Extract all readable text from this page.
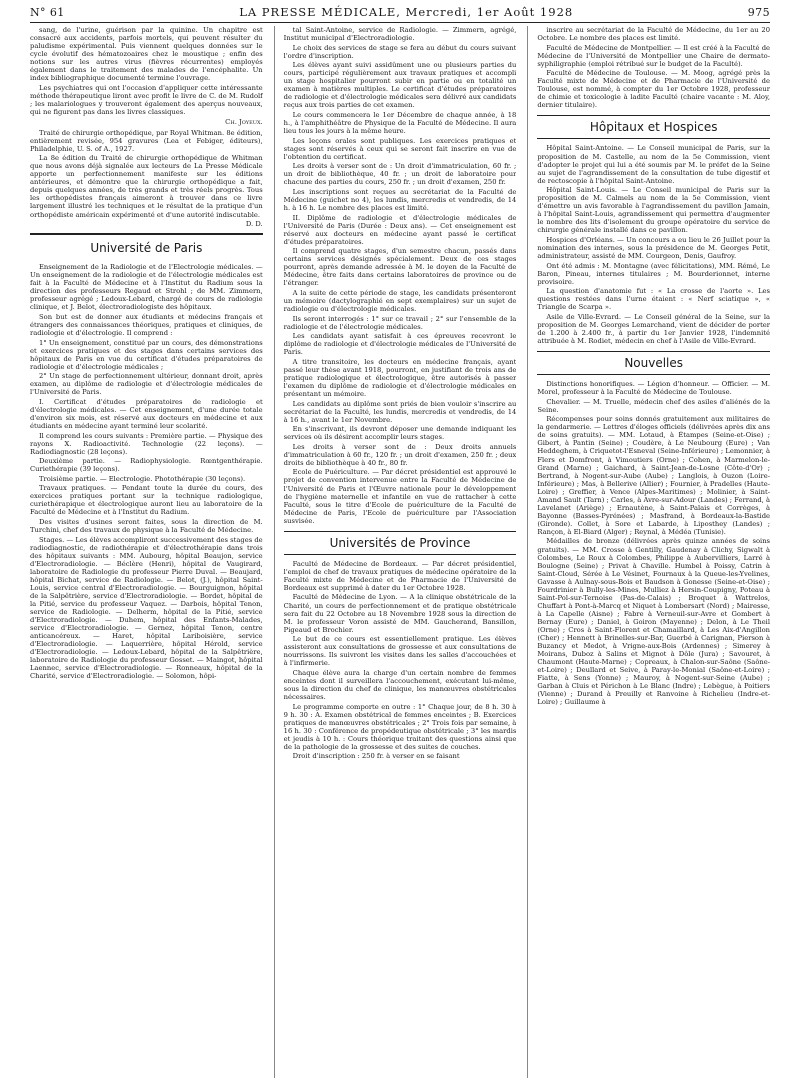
N° 61	LA PRESSE MÉDICALE, Mercredi, 1er Août 1928	975

sang, de l'urine, guérison par la quinine. Un chapitre est consacré aux accidents, parfois mortels, qui peuvent résulter du paludisme expérimental. Puis viennent quelques données sur le cycle évolutif des hématozoaires chez le moustique ; enfin des notions sur les autres virus (fièvres récurrentes) employés également dans le traitement des malades de l'encéphalite. Un index bibliographique documenté termine l'ouvrage.

Les psychiatres qui ont l'occasion d'appliquer cette intéressante méthode thérapeutique liront avec profit le livre de C. de M. Rudolf ; les malariologues y trouveront également des aperçus nouveaux, qui ne figurent pas dans les livres classiques.

Ch. Joyeux.

Traité de chirurgie orthopédique, par Royal Whitman. 8e édition, entièrement revisée, 954 gravures (Lea et Febiger, éditeurs), Philadelphie, U. S. of A., 1927.

La 8e édition du Traité de chirurgie orthopédique de Whitman que nous avons déjà signalée aux lecteurs de La Presse Médicale apporte un perfectionnement manifeste sur les éditions antérieures, et démontre que la chirurgie orthopédique a fait, depuis quelques années, de très grands et très réels progrès. Tous les orthopédistes français aimeront à trouver dans ce livre largement illustré les techniques et le résultat de la pratique d'un orthopédiste américain expérimenté et d'une autorité indiscutable.

D. D.

Université de Paris

Enseignement de la Radiologie et de l'Electrologie médicales. — Un enseignement de la radiologie et de l'électrologie médicales est fait à la Faculté de Médecine et à l'Institut du Radium sous la direction des professeurs Regaud et Strohl ; de MM. Zimmern, professeur agrégé ; Ledoux-Lebard, chargé de cours de radiologie clinique, et J. Belot, électroradiologiste des hôpitaux.

Son but est de donner aux étudiants et médecins français et étrangers des connaissances théoriques, pratiques et cliniques, de radiologie et d'électrologie. Il comprend :

1° Un enseignement, constitué par un cours, des démonstrations et exercices pratiques et des stages dans certains services des hôpitaux de Paris en vue du certificat d'études préparatoires de radiologie et d'électrologie médicales ;

2° Un stage de perfectionnement ultérieur, donnant droit, après examen, au diplôme de radiologie et d'électrologie médicales de l'Université de Paris.

I. Certificat d'études préparatoires de radiologie et d'électrologie médicales. — Cet enseignement, d'une durée totale d'environ six mois, est réservé aux docteurs en médecine et aux étudiants en médecine ayant terminé leur scolarité.

Il comprend les cours suivants : Première partie. — Physique des rayons X. Radioactivité. Technologie (22 leçons). — Radiodiagnostic (28 leçons).

Deuxième partie. — Radiophysiologie. Rœntgenthérapie. Curiethérapie (39 leçons).

Troisième partie. — Electrologie. Photothérapie (30 leçons).

Travaux pratiques. — Pendant toute la durée du cours, des exercices pratiques portant sur la technique radiologique, curiethérapique et électrologique auront lieu au laboratoire de la Faculté de Médecine et à l'Institut du Radium.

Des visites d'usines seront faites, sous la direction de M. Turchini, chef des travaux de physique à la Faculté de Médecine.

Stages. — Les élèves accompliront successivement des stages de radiodiagnostic, de radiothérapie et d'électrothérapie dans trois des hôpitaux suivants : MM. Aubourg, hôpital Beaujon, service d'Electroradiologie. — Béclère (Henri), hôpital de Vaugirard, laboratoire de Radiologie du professeur Pierre Duval. — Beaujard, hôpital Bichat, service de Radiologie. — Belot, (J.), hôpital Saint-Louis, service central d'Electroradiologie. — Bourguignon, hôpital de la Salpêtrière, service d'Electroradiologie. — Bordet, hôpital de la Pitié, service du professeur Vaquez. — Darbois, hôpital Tenon, service de Radiologie. — Delherm, hôpital de la Pitié, service d'Electroradiologie. — Duhem, hôpital des Enfants-Malades, service d'Electroradiologie. — Gernez, hôpital Tenon, centre anticancéreux. — Haret, hôpital Lariboisière, service d'Electroradiologie. — Laquerrière, hôpital Hérold, service d'Electroradiologie. — Ledoux-Lebard, hôpital de la Salpêtrière, laboratoire de Radiologie du professeur Gosset. — Maingot, hôpital Laennec, service d'Electroradiologie. — Ronneaux, hôpital de la Charité, service d'Electroradiologie. — Solomon, hôpi-

tal Saint-Antoine, service de Radiologie. — Zimmern, agrégé, Institut municipal d'Electroradiologie.

Le choix des services de stage se fera au début du cours suivant l'ordre d'inscription.

Les élèves ayant suivi assidûment une ou plusieurs parties du cours, participé régulièrement aux travaux pratiques et accompli un stage hospitalier pourront subir en partie ou en totalité un examen à matières multiples. Le certificat d'études préparatoires de radiologie et d'électrologie médicales sera délivré aux candidats reçus aux trois parties de cet examen.

Le cours commencera le 1er Décembre de chaque année, à 18 h., à l'amphithéâtre de Physique de la Faculté de Médecine. Il aura lieu tous les jours à la même heure.

Les leçons orales sont publiques. Les exercices pratiques et stages sont réservés à ceux qui se seront fait inscrire en vue de l'obtention du certificat.

Les droits à verser sont de : Un droit d'immatriculation, 60 fr. ; un droit de bibliothèque, 40 fr. ; un droit de laboratoire pour chacune des parties du cours, 250 fr. ; un droit d'examen, 250 fr.

Les inscriptions sont reçues au secrétariat de la Faculté de Médecine (guichet no 4), les lundis, mercredis et vendredis, de 14 h. à 16 h. Le nombre des places est limité.

II. Diplôme de radiologie et d'électrologie médicales de l'Université de Paris (Durée : Deux ans). — Cet enseignement est réservé aux docteurs en médecine ayant passé le certificat d'études préparatoires.

Il comprend quatre stages, d'un semestre chacun, passés dans certains services désignés spécialement. Deux de ces stages pourront, après demande adressée à M. le doyen de la Faculté de Médecine, être faits dans certains laboratoires de province ou de l'étranger.

A la suite de cette période de stage, les candidats présenteront un mémoire (dactylographié en sept exemplaires) sur un sujet de radiologie ou d'électrologie médicales.

Ils seront interrogés : 1° sur ce travail ; 2° sur l'ensemble de la radiologie et de l'électrologie médicales.

Les candidats ayant satisfait à ces épreuves recevront le diplôme de radiologie et d'électrologie médicales de l'Université de Paris.

A titre transitoire, les docteurs en médecine français, ayant passé leur thèse avant 1918, pourront, en justifiant de trois ans de pratique radiologique et électrologique, être autorisés à passer l'examen du diplôme de radiologie et d'électrologie médicales en présentant un mémoire.

Les candidats au diplôme sont priés de bien vouloir s'inscrire au secrétariat de la Faculté, les lundis, mercredis et vendredis, de 14 à 16 h., avant le 1er Novembre.

En s'inscrivant, ils devront déposer une demande indiquant les services où ils désirent accomplir leurs stages.

Les droits à verser sont de : Deux droits annuels d'immatriculation à 60 fr., 120 fr. ; un droit d'examen, 250 fr. ; deux droits de bibliothèque à 40 fr., 80 fr.

Ecole de Puériculture. — Par décret présidentiel est approuvé le projet de convention intervenue entre la Faculté de Médecine de l'Université de Paris et l'Œuvre nationale pour le développement de l'hygiène maternelle et infantile en vue de rattacher à cette Faculté, sous le titre d'Ecole de puériculture de la Faculté de Médecine de Paris, l'Ecole de puériculture par l'Association susvisée.

Universités de Province

Faculté de Médecine de Bordeaux. — Par décret présidentiel, l'emploi de chef de travaux pratiques de médecine opératoire de la Faculté mixte de Médecine et de Pharmacie de l'Université de Bordeaux est supprimé à dater du 1er Octobre 1928.

Faculté de Médecine de Lyon. — A la clinique obstétricale de la Charité, un cours de perfectionnement et de pratique obstétricale sera fait du 22 Octobre au 18 Novembre 1928 sous la direction de M. le professeur Voron assisté de MM. Gaucherand, Bansillon, Pigeaud et Brochier.

Le but de ce cours est essentiellement pratique. Les élèves assisteront aux consultations de grossesse et aux consultations de nourrissons. Ils suivront les visites dans les salles d'accouchées et à l'infirmerie.

Chaque élève aura la charge d'un certain nombre de femmes enceintes dont il surveillera l'accouchement, exécutant lui-même, sous la direction du chef de clinique, les manœuvres obstétricales nécessaires.

Le programme comporte en outre : 1° Chaque jour, de 8 h. 30 à 9 h. 30 : A. Examen obstétrical de femmes enceintes ; B. Exercices pratiques de manœuvres obstétricales ; 2° Trois fois par semaine, à 16 h. 30 : Conférence de propédeutique obstétricale ; 3° les mardis et jeudis à 10 h. : Cours théorique traitant des questions ainsi que de la pathologie de la grossesse et des suites de couches.

Droit d'inscription : 250 fr. à verser en se faisant

inscrire au secrétariat de la Faculté de Médecine, du 1er au 20 Octobre. Le nombre des places est limité.

Faculté de Médecine de Montpellier. — Il est créé à la Faculté de Médecine de l'Université de Montpellier une Chaire de dermato-syphiligraphie (emploi rétribué sur le budget de la Faculté).

Faculté de Médecine de Toulouse. — M. Moog, agrégé près la Faculté mixte de Médecine et de Pharmacie de l'Université de Toulouse, est nommé, à compter du 1er Octobre 1928, professeur de chimie et toxicologie à ladite Faculté (chaire vacante : M. Aloy, dernier titulaire).

Hôpitaux et Hospices

Hôpital Saint-Antoine. — Le Conseil municipal de Paris, sur la proposition de M. Castelle, au nom de la 5e Commission, vient d'adopter le projet qui lui a été soumis par M. le préfet de la Seine au sujet de l'agrandissement de la consultation de tube digestif et de rectoscopie à l'hôpital Saint-Antoine.

Hôpital Saint-Louis. — Le Conseil municipal de Paris sur la proposition de M. Calmels au nom de la 5e Commission, vient d'émettre un avis favorable à l'agrandissement du pavillon Jamain, à l'hôpital Saint-Louis, agrandissement qui permettra d'augmenter le nombre des lits d'isolement du groupe opératoire du service de chirurgie générale installé dans ce pavillon.

Hospices d'Orléans. — Un concours a eu lieu le 26 Juillet pour la nomination des internes, sous la présidence de M. Georges Petit, administrateur, assisté de MM. Courgeon, Denis, Gaufroy.

Ont été admis : M. Montagne (avec félicitations), MM. Rémé, Le Baron, Pineau, internes titulaires ; M. Bourderionnet, interne provisoire.

La question d'anatomie fut : « La crosse de l'aorte ». Les questions restées dans l'urne étaient : « Nerf sciatique », « Triangle de Scarpa ».

Asile de Ville-Evrard. — Le Conseil général de la Seine, sur la proposition de M. Georges Lemarchand, vient de décider de porter de 1.200 à 2.400 fr., à partir du 1er Janvier 1928, l'indemnité attribuée à M. Rodiet, médecin en chef à l'Asile de Ville-Evrard.

Nouvelles

Distinctions honorifiques. — Légion d'honneur. — Officier. — M. Morel, professeur à la Faculté de Médecine de Toulouse.

Chevalier. — M. Truelle, médecin chef des asiles d'aliénés de la Seine.

Récompenses pour soins donnés gratuitement aux militaires de la gendarmerie. — Lettres d'éloges officiels (délivrées après dix ans de soins gratuits). — MM. Lotaud, à Étampes (Seine-et-Oise) ; Gibert, à Pantin (Seine) ; Coudère, à Le Neubourg (Eure) ; Van Heddeghem, à Criquetot-l'Esneval (Seine-Inférieure) ; Lemonnier, à Flers et Domfront, à Vimoutiers (Orne) ; Cohen, à Marmelon-le-Grand (Marne) ; Gaichard, à Saint-Jean-de-Losne (Côte-d'Or) ; Bertrand, à Nogent-sur-Aube (Aube) ; Langlois, à Ouzon (Loire-Inférieure) ; Mas, à Bellerive (Allier) ; Fournier, à Pradelles (Haute-Loire) ; Greffier, à Vence (Alpes-Maritimes) ; Molinier, à Saint-Amand Sault (Tarn) ; Carles, à Avre-sur-Adour (Landes) ; Ferrand, à Lavelanet (Ariège) ; Ernautène, à Saint-Palais et Corrèges, à Bayonne (Basses-Pyrénées) ; Masfrand, à Bordeaux-la-Bastide (Gironde). Collet, à Sore et Labarde, à Liposthey (Landes) ; Rançon, à El-Biard (Alger) ; Reynal, à Médéa (Tunisie).

Médailles de bronze (délivrées après quinze années de soins gratuits). — MM. Crosse à Gentilly, Gaudenay à Clichy, Sigwalt à Colombes, Le Roux à Colombes, Philippe à Aubervilliers, Larré à Boulogne (Seine) ; Privat à Chaville. Humbel à Poissy, Catrin à Saint-Cloud, Sérée à Le Vésinet, Fournaux à la Queue-les-Yvelines, Gavasse à Aulnay-sous-Bois et Baudson à Gonesse (Seine-et-Oise) ; Fourdrinier à Bully-les-Mines, Mulliez à Hersin-Coupigny, Poteau à Saint-Pol-sur-Ternoise (Pas-de-Calais) ; Broquet à Wattrelos, Chuffart à Pont-à-Marcq et Niquet à Lombersart (Nord) ; Mairesse, à La Capelle (Aisne) ; Fabre à Verneuil-sur-Avre et Gombert à Bernay (Eure) ; Daniel, à Goiron (Mayenne) ; Delon, à Le Theil (Orne) ; Cros à Saint-Florent et Chamaillard, à Les Aix-d'Angillon (Cher) ; Hennett à Brinelles-sur-Bar, Guerbé à Carignan, Pierson à Buzancy et Medot, à Vrigne-aux-Bois (Ardennes) ; Simerey à Moirans, Duboz à Salins et Mignot à Dôle (Jura) ; Savouret, à Chaumont (Haute-Marne) ; Copreaux, à Chalon-sur-Saône (Saône-et-Loire) ; Deullard et Seive, à Paray-le-Monial (Saône-et-Loire) ; Fiatte, à Sens (Yonne) ; Mauroy, à Nogent-sur-Seine (Aube) ; Garban à Cluis et Périchon à Le Blanc (Indre) ; Lebègue, à Poitiers (Vienne) ; Durand à Preuilly et Ranvoine à Richelieu (Indre-et-Loire) ; Guillaume à
